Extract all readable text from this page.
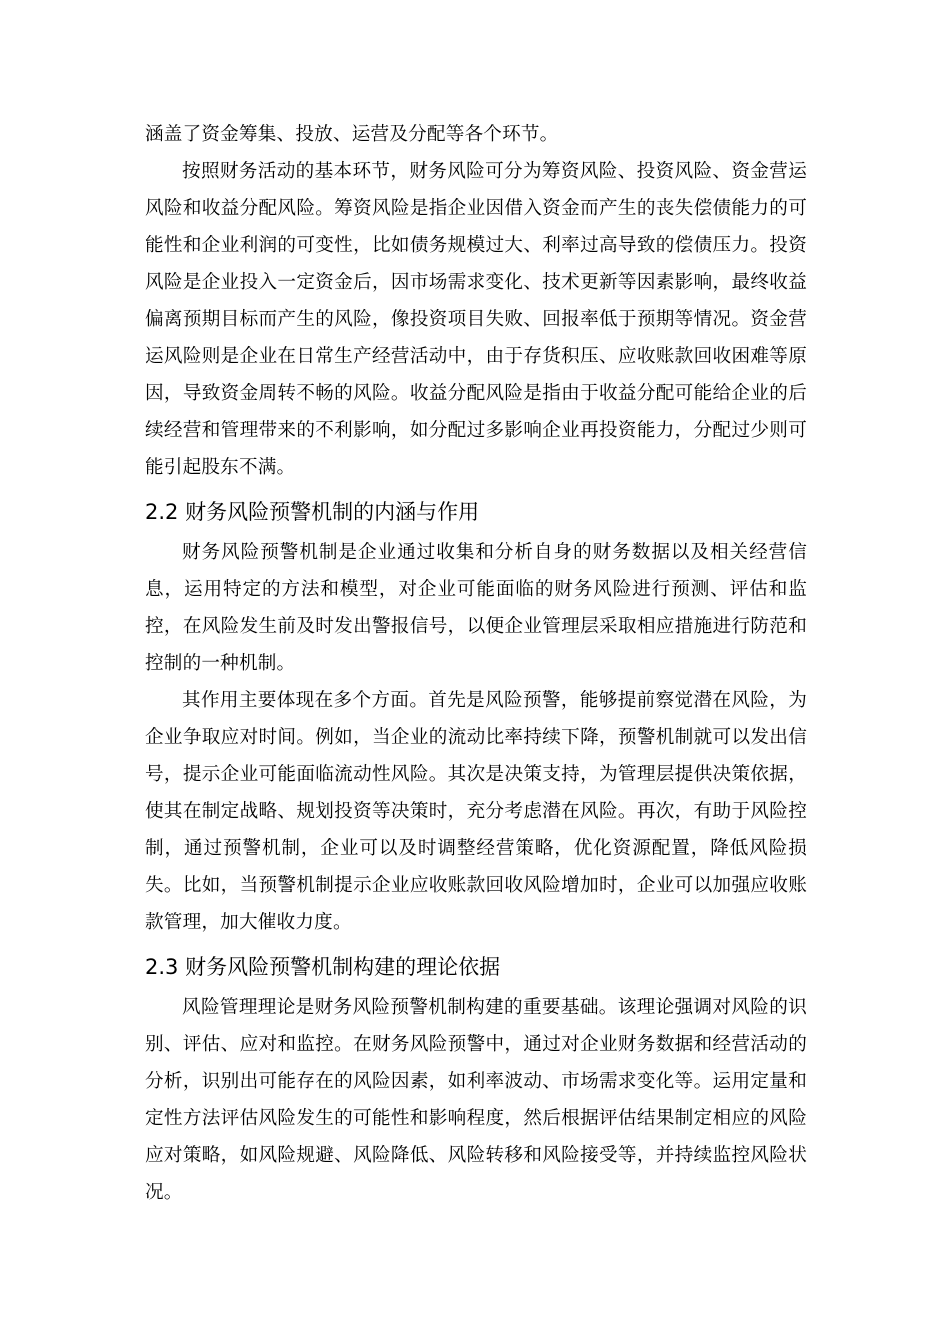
涵盖了资金筹集、投放、运营及分配等各个环节。

按照财务活动的基本环节，财务风险可分为筹资风险、投资风险、资金营运风险和收益分配风险。筹资风险是指企业因借入资金而产生的丧失偿债能力的可能性和企业利润的可变性，比如债务规模过大、利率过高导致的偿债压力。投资风险是企业投入一定资金后，因市场需求变化、技术更新等因素影响，最终收益偏离预期目标而产生的风险，像投资项目失败、回报率低于预期等情况。资金营运风险则是企业在日常生产经营活动中，由于存货积压、应收账款回收困难等原因，导致资金周转不畅的风险。收益分配风险是指由于收益分配可能给企业的后续经营和管理带来的不利影响，如分配过多影响企业再投资能力，分配过少则可能引起股东不满。

2.2 财务风险预警机制的内涵与作用

财务风险预警机制是企业通过收集和分析自身的财务数据以及相关经营信息，运用特定的方法和模型，对企业可能面临的财务风险进行预测、评估和监控，在风险发生前及时发出警报信号，以便企业管理层采取相应措施进行防范和控制的一种机制。

其作用主要体现在多个方面。首先是风险预警，能够提前察觉潜在风险，为企业争取应对时间。例如，当企业的流动比率持续下降，预警机制就可以发出信号，提示企业可能面临流动性风险。其次是决策支持，为管理层提供决策依据，使其在制定战略、规划投资等决策时，充分考虑潜在风险。再次，有助于风险控制，通过预警机制，企业可以及时调整经营策略，优化资源配置，降低风险损失。比如，当预警机制提示企业应收账款回收风险增加时，企业可以加强应收账款管理，加大催收力度。

2.3 财务风险预警机制构建的理论依据

风险管理理论是财务风险预警机制构建的重要基础。该理论强调对风险的识别、评估、应对和监控。在财务风险预警中，通过对企业财务数据和经营活动的分析，识别出可能存在的风险因素，如利率波动、市场需求变化等。运用定量和定性方法评估风险发生的可能性和影响程度，然后根据评估结果制定相应的风险应对策略，如风险规避、风险降低、风险转移和风险接受等，并持续监控风险状况。
